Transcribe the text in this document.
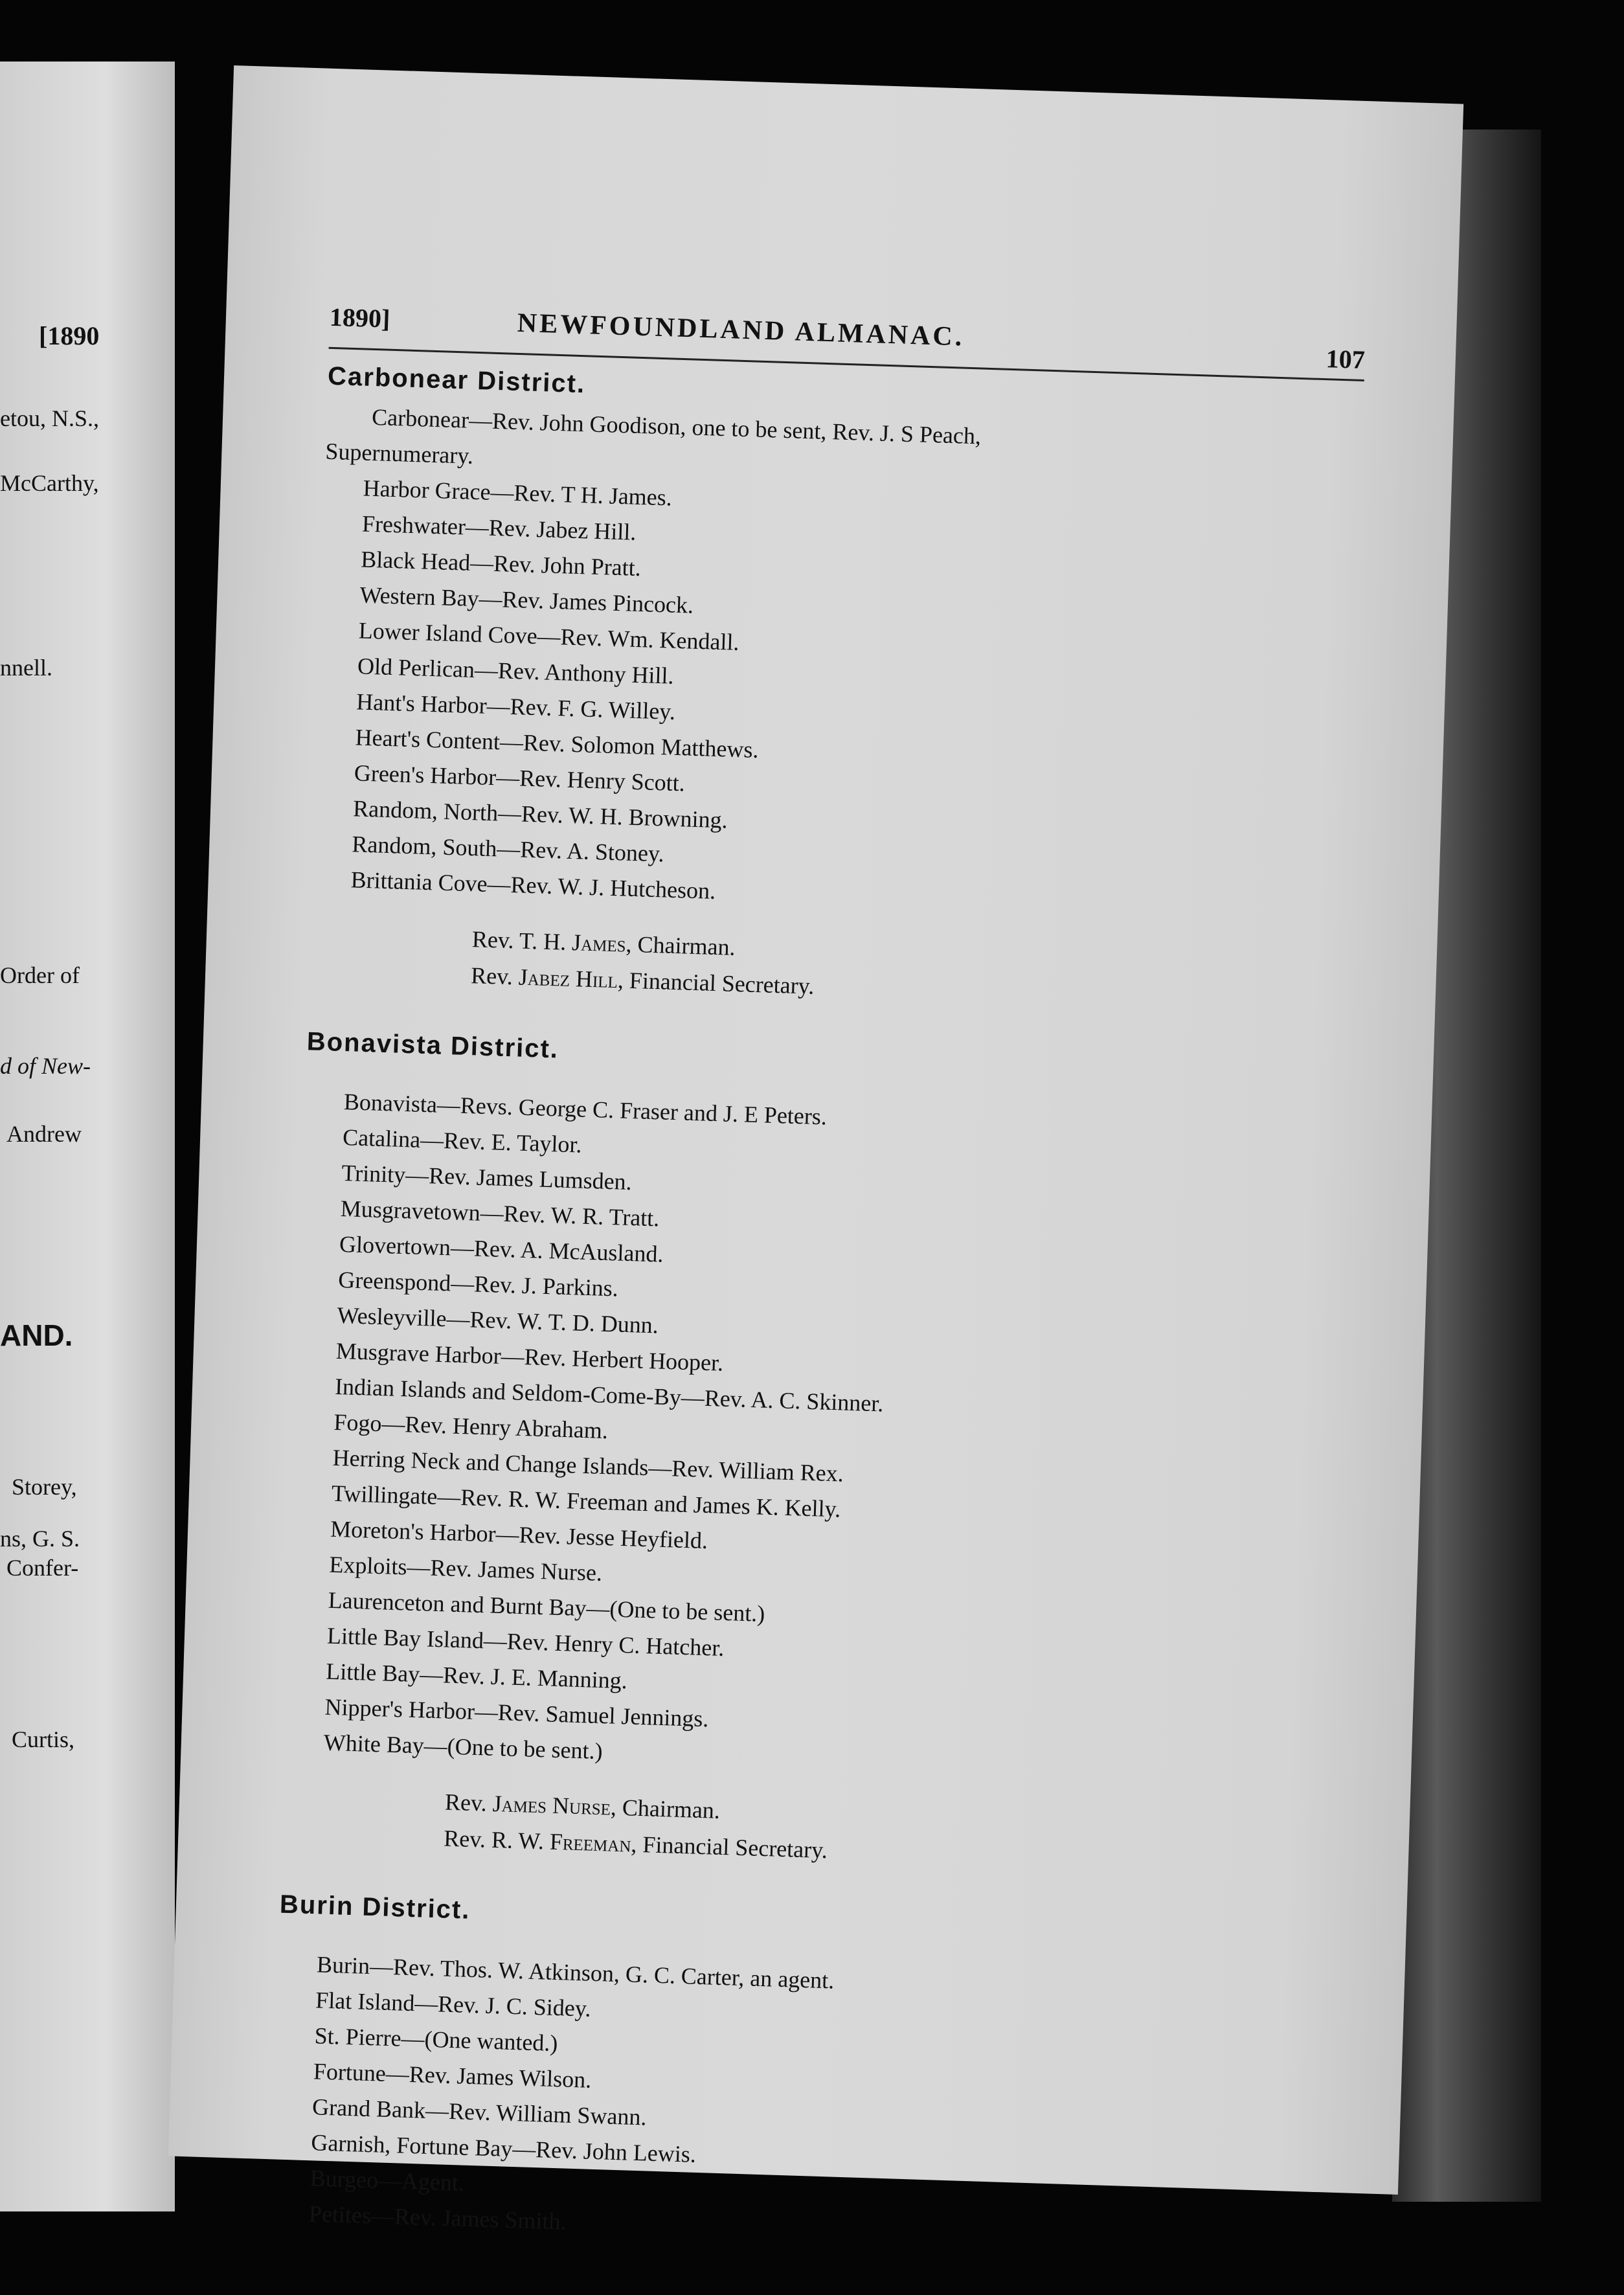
[1890
etou, N.S.,
McCarthy,
nnell.
Order of
d of New-
Andrew
AND.
Storey,
ns, G. S.
Confer-
Curtis,
1890]	NEWFOUNDLAND ALMANAC.
107
Carbonear District.
Carbonear—Rev. John Goodison, one to be sent, Rev. J. S Peach,
Supernumerary.
Harbor Grace—Rev. T H. James.
Freshwater—Rev. Jabez Hill.
Black Head—Rev. John Pratt.
Western Bay—Rev. James Pincock.
Lower Island Cove—Rev. Wm. Kendall.
Old Perlican—Rev. Anthony Hill.
Hant's Harbor—Rev. F. G. Willey.
Heart's Content—Rev. Solomon Matthews.
Green's Harbor—Rev. Henry Scott.
Random, North—Rev. W. H. Browning.
Random, South—Rev. A. Stoney.
Brittania Cove—Rev. W. J. Hutcheson.
Rev. T. H. James, Chairman.
Rev. Jabez Hill, Financial Secretary.
Bonavista District.
Bonavista—Revs. George C. Fraser and J. E Peters.
Catalina—Rev. E. Taylor.
Trinity—Rev. James Lumsden.
Musgravetown—Rev. W. R. Tratt.
Glovertown—Rev. A. McAusland.
Greenspond—Rev. J. Parkins.
Wesleyville—Rev. W. T. D. Dunn.
Musgrave Harbor—Rev. Herbert Hooper.
Indian Islands and Seldom-Come-By—Rev. A. C. Skinner.
Fogo—Rev. Henry Abraham.
Herring Neck and Change Islands—Rev. William Rex.
Twillingate—Rev. R. W. Freeman and James K. Kelly.
Moreton's Harbor—Rev. Jesse Heyfield.
Exploits—Rev. James Nurse.
Laurenceton and Burnt Bay—(One to be sent.)
Little Bay Island—Rev. Henry C. Hatcher.
Little Bay—Rev. J. E. Manning.
Nipper's Harbor—Rev. Samuel Jennings.
White Bay—(One to be sent.)
Rev. James Nurse, Chairman.
Rev. R. W. Freeman, Financial Secretary.
Burin District.
Burin—Rev. Thos. W. Atkinson, G. C. Carter, an agent.
Flat Island—Rev. J. C. Sidey.
St. Pierre—(One wanted.)
Fortune—Rev. James Wilson.
Grand Bank—Rev. William Swann.
Garnish, Fortune Bay—Rev. John Lewis.
Burgeo—Agent.
Petites—Rev. James Smith.
